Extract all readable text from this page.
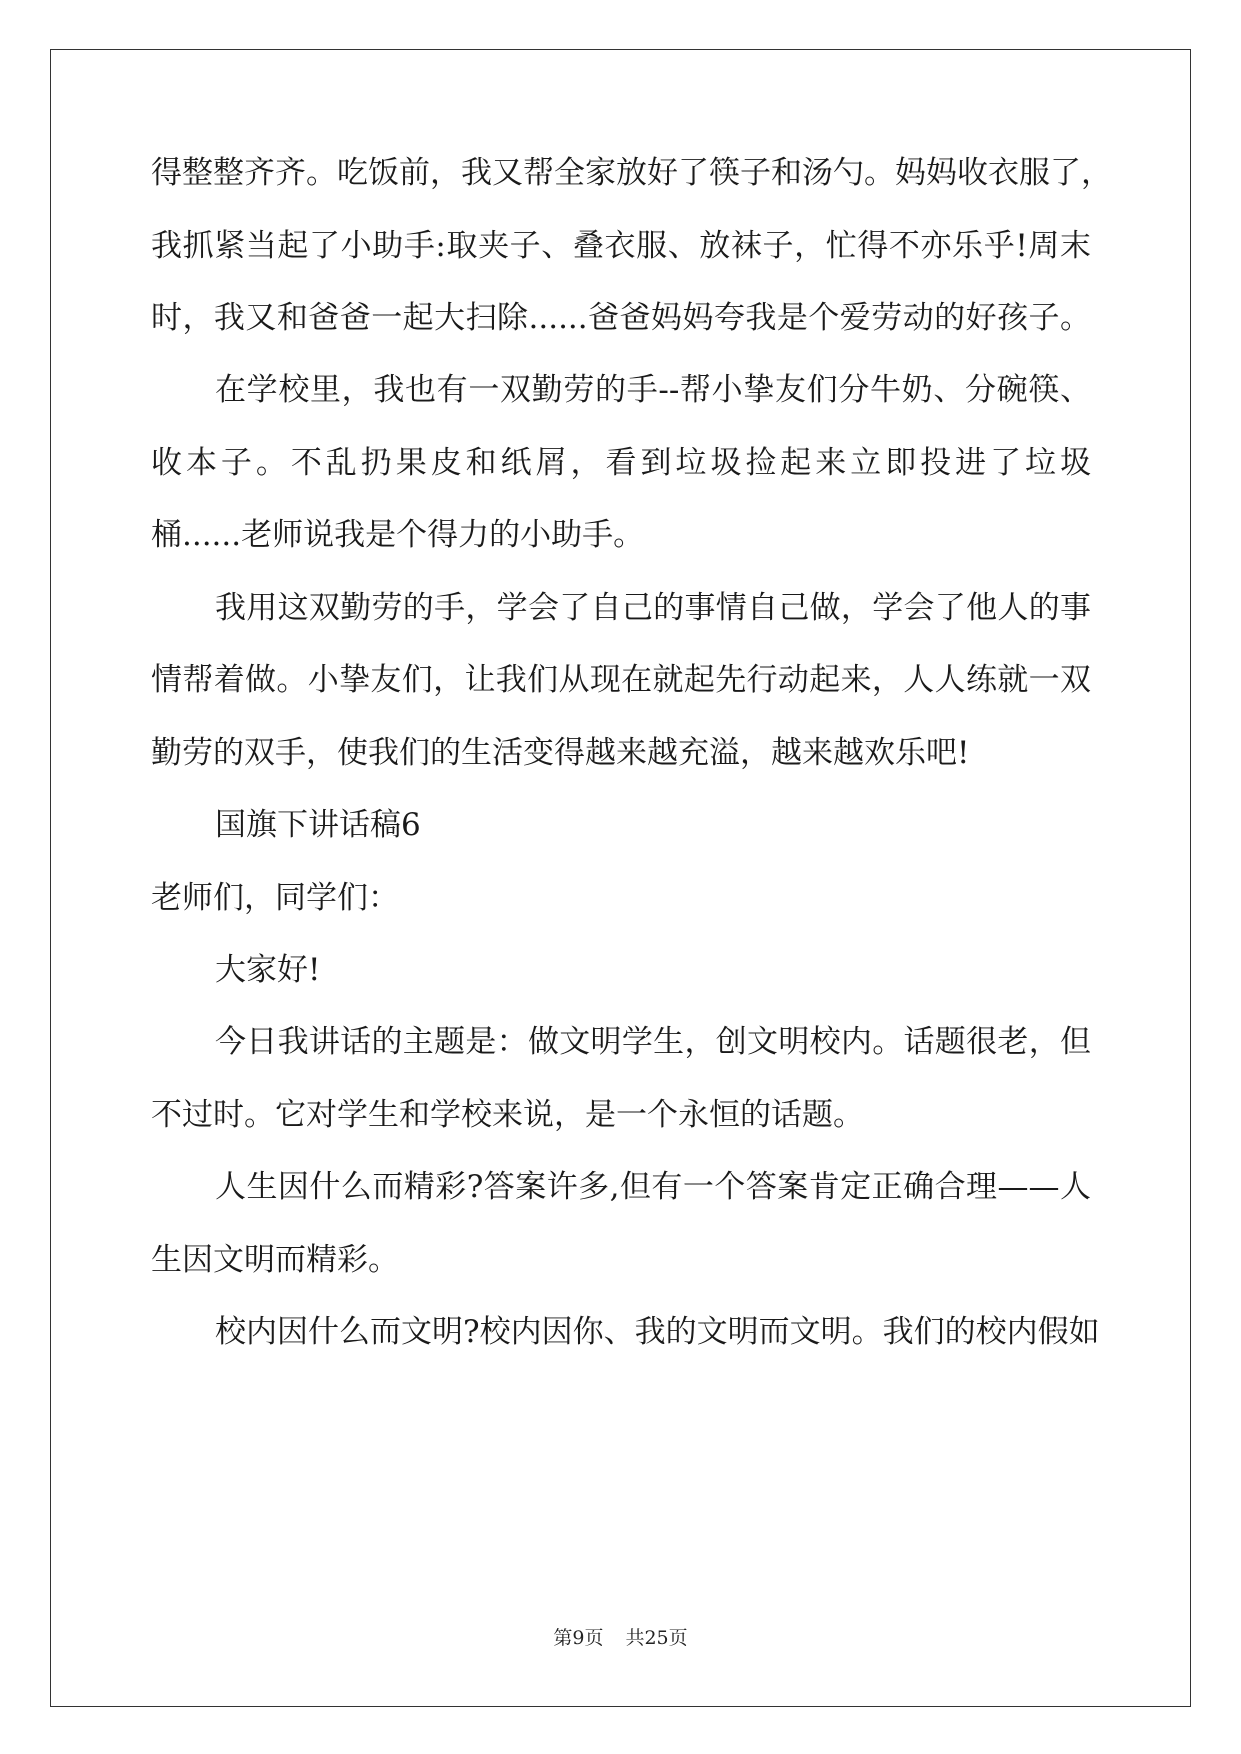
得整整齐齐。吃饭前，我又帮全家放好了筷子和汤勺。妈妈收衣服了，
我抓紧当起了小助手:取夹子、叠衣服、放袜子，忙得不亦乐乎!周末
时，我又和爸爸一起大扫除......爸爸妈妈夸我是个爱劳动的好孩子。
在学校里，我也有一双勤劳的手--帮小挚友们分牛奶、分碗筷、
收本子。不乱扔果皮和纸屑，看到垃圾捡起来立即投进了垃圾
桶......老师说我是个得力的小助手。
我用这双勤劳的手，学会了自己的事情自己做，学会了他人的事
情帮着做。小挚友们，让我们从现在就起先行动起来，人人练就一双
勤劳的双手，使我们的生活变得越来越充溢，越来越欢乐吧!
国旗下讲话稿6
老师们，同学们：
大家好!
今日我讲话的主题是：做文明学生，创文明校内。话题很老，但
不过时。它对学生和学校来说，是一个永恒的话题。
人生因什么而精彩?答案许多,但有一个答案肯定正确合理——人
生因文明而精彩。
校内因什么而文明?校内因你、我的文明而文明。我们的校内假如
第9页 共25页
